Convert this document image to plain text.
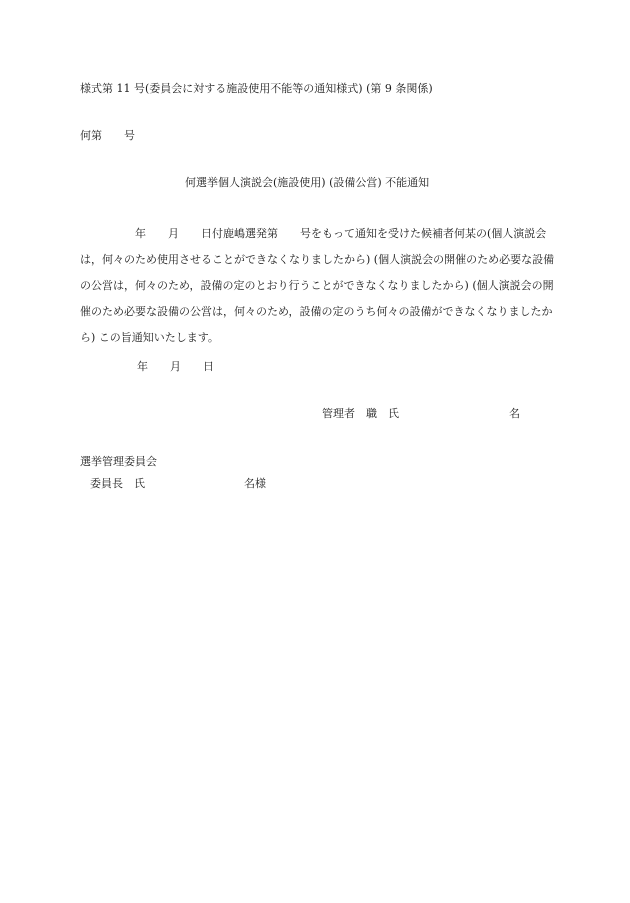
様式第 11 号(委員会に対する施設使用不能等の通知様式) (第 9 条関係)
何第　　号
何選挙個人演説会(施設使用) (設備公営) 不能通知
年　　月　　日付鹿嶋選発第　　号をもって通知を受けた候補者何某の(個人演説会は，何々のため使用させることができなくなりましたから) (個人演説会の開催のため必要な設備の公営は，何々のため，設備の定のとおり行うことができなくなりましたから) (個人演説会の開催のため必要な設備の公営は，何々のため，設備の定のうち何々の設備ができなくなりましたから) この旨通知いたします。
年　　月　　日
管理者　職　氏　　　　　　　　　　名
選挙管理委員会
委員長　氏　　　　　　　　　名様
